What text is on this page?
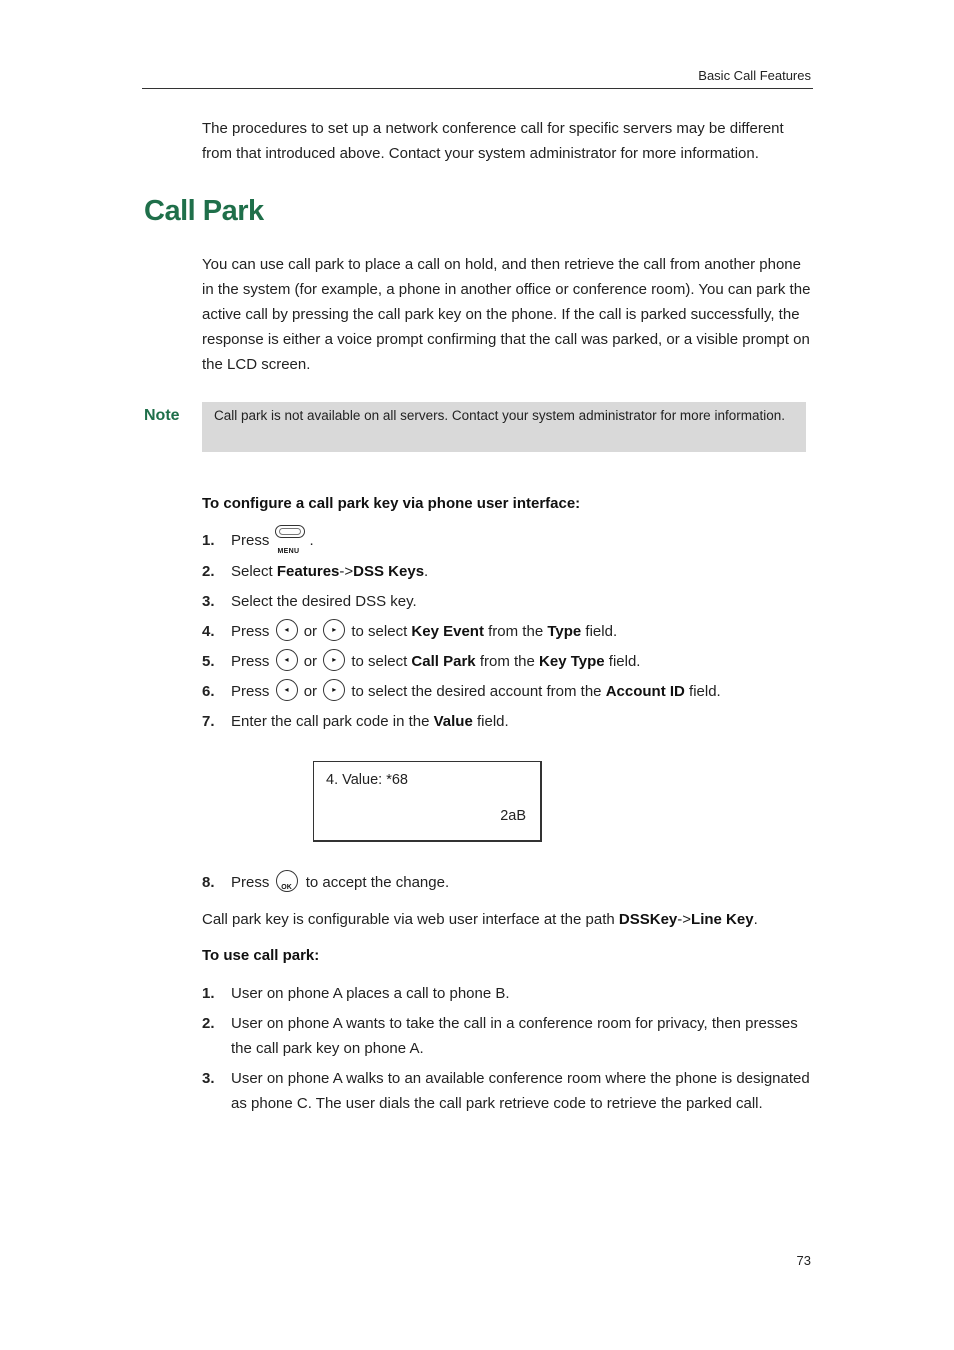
Basic Call Features
The procedures to set up a network conference call for specific servers may be different from that introduced above. Contact your system administrator for more information.
Call Park
You can use call park to place a call on hold, and then retrieve the call from another phone in the system (for example, a phone in another office or conference room). You can park the active call by pressing the call park key on the phone. If the call is parked successfully, the response is either a voice prompt confirming that the call was parked, or a visible prompt on the LCD screen.
Note	Call park is not available on all servers. Contact your system administrator for more information.
To configure a call park key via phone user interface:
1. Press
MENU
.
2. Select Features->DSS Keys.
3. Select the desired DSS key.
4. Press	◂	or	▸	to select Key Event from the Type field.
5. Press	◂	or	▸	to select Call Park from the Key Type field.
6. Press	◂	or	▸	to select the desired account from the Account ID field.
7. Enter the call park code in the Value field.
4. Value: *68
2aB
8. Press	OK to accept the change.
Call park key is configurable via web user interface at the path DSSKey->Line Key.
To use call park:
1. User on phone A places a call to phone B.
2. User on phone A wants to take the call in a conference room for privacy, then presses the call park key on phone A.
3. User on phone A walks to an available conference room where the phone is designated as phone C. The user dials the call park retrieve code to retrieve the parked call.
73
